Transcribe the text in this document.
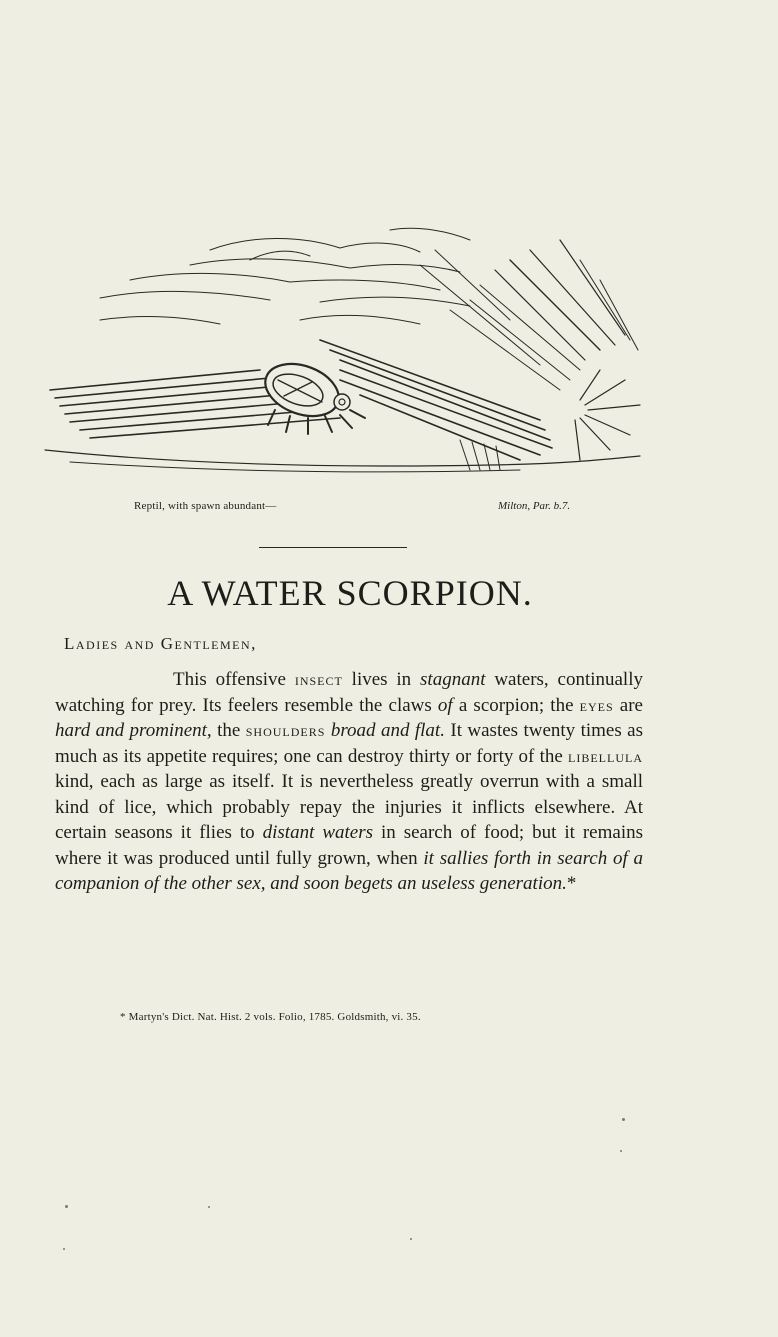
Reptil, with spawn abundant—	Milton, Par. b.7.
A WATER SCORPION.
Ladies and Gentlemen,

This offensive insect lives in stagnant waters, continually watching for prey. Its feelers resemble the claws of a scorpion; the eyes are hard and prominent, the shoulders broad and flat. It wastes twenty times as much as its appetite requires; one can destroy thirty or forty of the libellula kind, each as large as itself. It is nevertheless greatly overrun with a small kind of lice, which probably repay the injuries it inflicts elsewhere. At certain seasons it flies to distant waters in search of food; but it remains where it was produced until fully grown, when it sallies forth in search of a companion of the other sex, and soon begets an useless generation.*

* Martyn's Dict. Nat. Hist. 2 vols. Folio, 1785. Goldsmith, vi. 35.
